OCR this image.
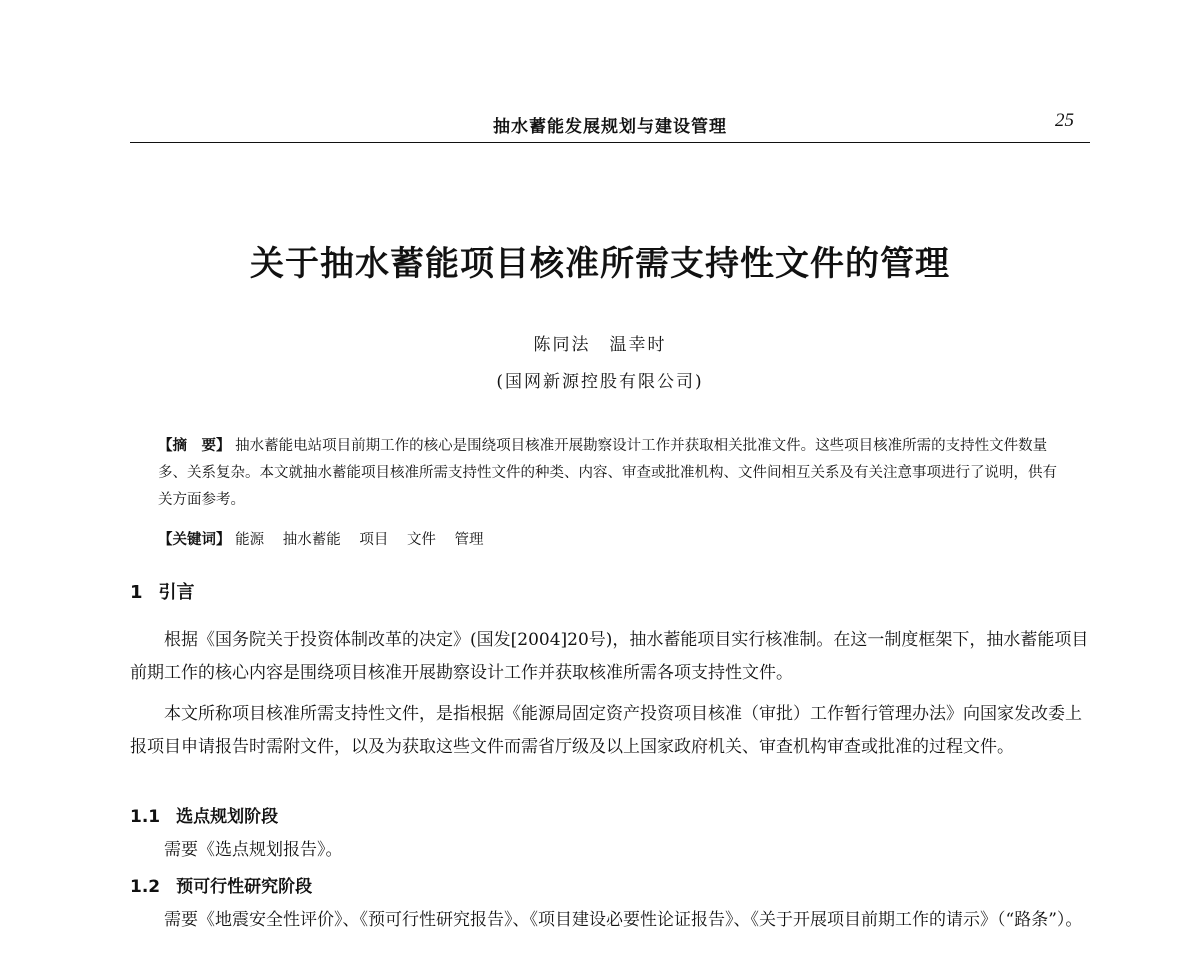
抽水蓄能发展规划与建设管理	25
关于抽水蓄能项目核准所需支持性文件的管理
陈同法　温幸时
(国网新源控股有限公司)
【摘　要】 抽水蓄能电站项目前期工作的核心是围绕项目核准开展勘察设计工作并获取相关批准文件。这些项目核准所需的支持性文件数量多、关系复杂。本文就抽水蓄能项目核准所需支持性文件的种类、内容、审查或批准机构、文件间相互关系及有关注意事项进行了说明，供有关方面参考。
【关键词】 能源 抽水蓄能 项目 文件 管理
1 引言
根据《国务院关于投资体制改革的决定》(国发[2004]20号)，抽水蓄能项目实行核准制。在这一制度框架下，抽水蓄能项目前期工作的核心内容是围绕项目核准开展勘察设计工作并获取核准所需各项支持性文件。
本文所称项目核准所需支持性文件，是指根据《能源局固定资产投资项目核准（审批）工作暂行管理办法》向国家发改委上报项目申请报告时需附文件，以及为获取这些文件而需省厅级及以上国家政府机关、审查机构审查或批准的过程文件。
1.1 选点规划阶段
需要《选点规划报告》。
1.2 预可行性研究阶段
需要《地震安全性评价》、《预可行性研究报告》、《项目建设必要性论证报告》、《关于开展项目前期工作的请示》（“路条”）。
